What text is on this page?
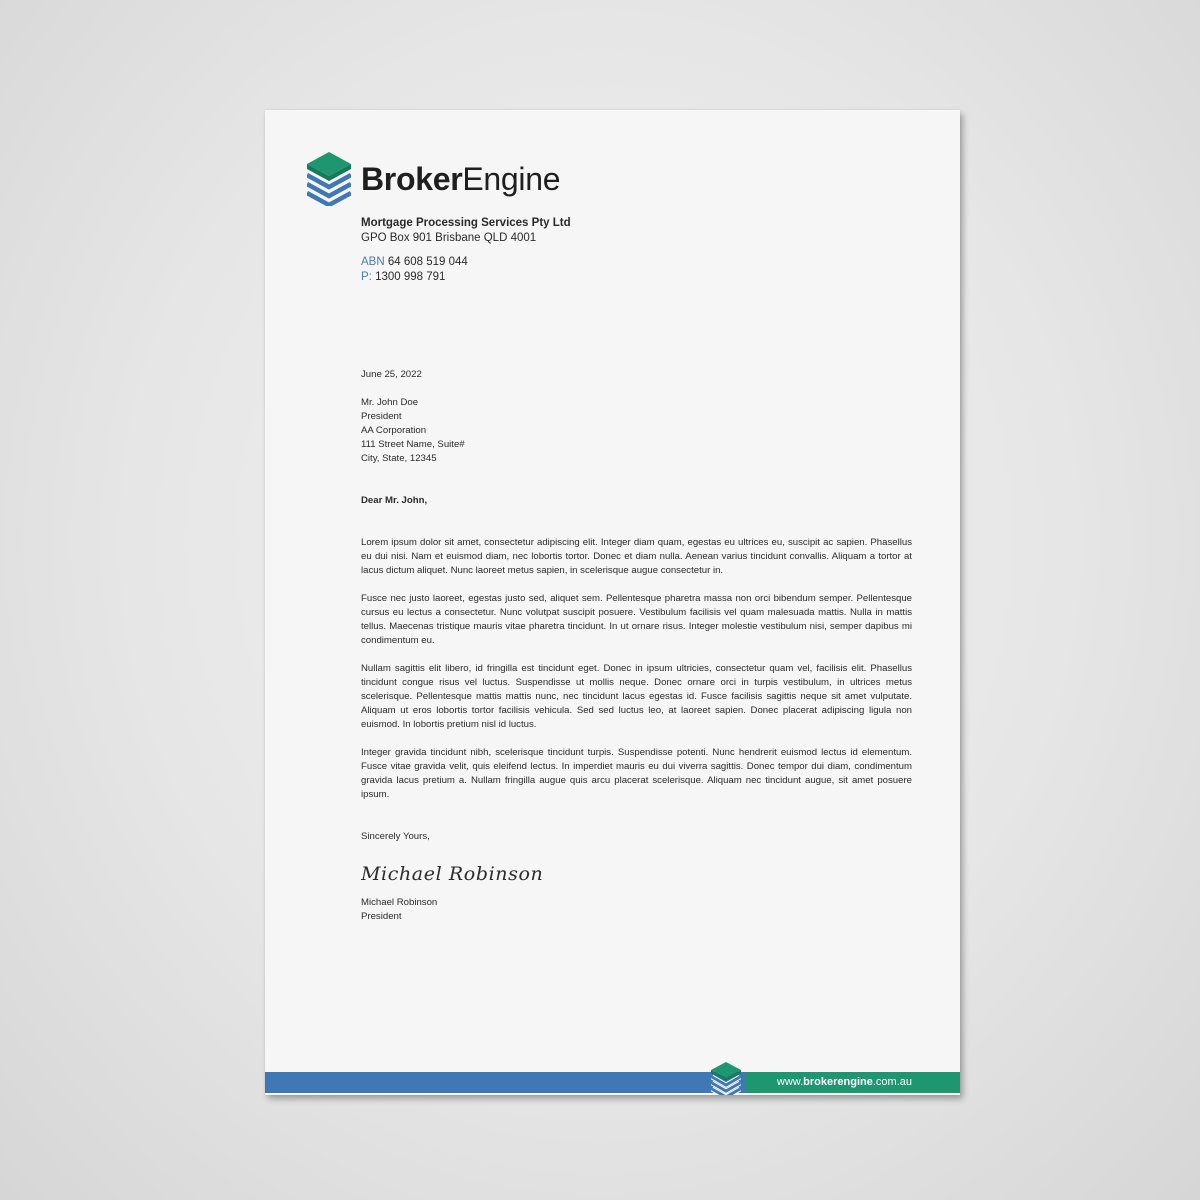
BrokerEngine
Mortgage Processing Services Pty Ltd
GPO Box 901 Brisbane QLD 4001
ABN 64 608 519 044
P: 1300 998 791
June 25, 2022
Mr. John Doe
President
AA Corporation
111 Street Name, Suite#
City, State, 12345
Dear Mr. John,

Lorem ipsum dolor sit amet, consectetur adipiscing elit. Integer diam quam, egestas eu ultrices eu, suscipit ac sapien. Phasellus eu dui nisi. Nam et euismod diam, nec lobortis tortor. Donec et diam nulla. Aenean varius tincidunt convallis. Aliquam a tortor at lacus dictum aliquet. Nunc laoreet metus sapien, in scelerisque augue consectetur in.

Fusce nec justo laoreet, egestas justo sed, aliquet sem. Pellentesque pharetra massa non orci bibendum semper. Pellentesque cursus eu lectus a consectetur. Nunc volutpat suscipit posuere. Vestibulum facilisis vel quam malesuada mattis. Nulla in mattis tellus. Maecenas tristique mauris vitae pharetra tincidunt. In ut ornare risus. Integer molestie vestibulum nisi, semper dapibus mi condimentum eu.

Nullam sagittis elit libero, id fringilla est tincidunt eget. Donec in ipsum ultricies, consectetur quam vel, facilisis elit. Phasellus tincidunt congue risus vel luctus. Suspendisse ut mollis neque. Donec ornare orci in turpis vestibulum, in ultrices metus scelerisque. Pellentesque mattis mattis nunc, nec tincidunt lacus egestas id. Fusce facilisis sagittis neque sit amet vulputate. Aliquam ut eros lobortis tortor facilisis vehicula. Sed sed luctus leo, at laoreet sapien. Donec placerat adipiscing ligula non euismod. In lobortis pretium nisl id luctus.

Integer gravida tincidunt nibh, scelerisque tincidunt turpis. Suspendisse potenti. Nunc hendrerit euismod lectus id elementum. Fusce vitae gravida velit, quis eleifend lectus. In imperdiet mauris eu dui viverra sagittis. Donec tempor dui diam, condimentum gravida lacus pretium a. Nullam fringilla augue quis arcu placerat scelerisque. Aliquam nec tincidunt augue, sit amet posuere ipsum.

Sincerely Yours,
Michael Robinson
Michael Robinson
President
www.brokerengine.com.au
